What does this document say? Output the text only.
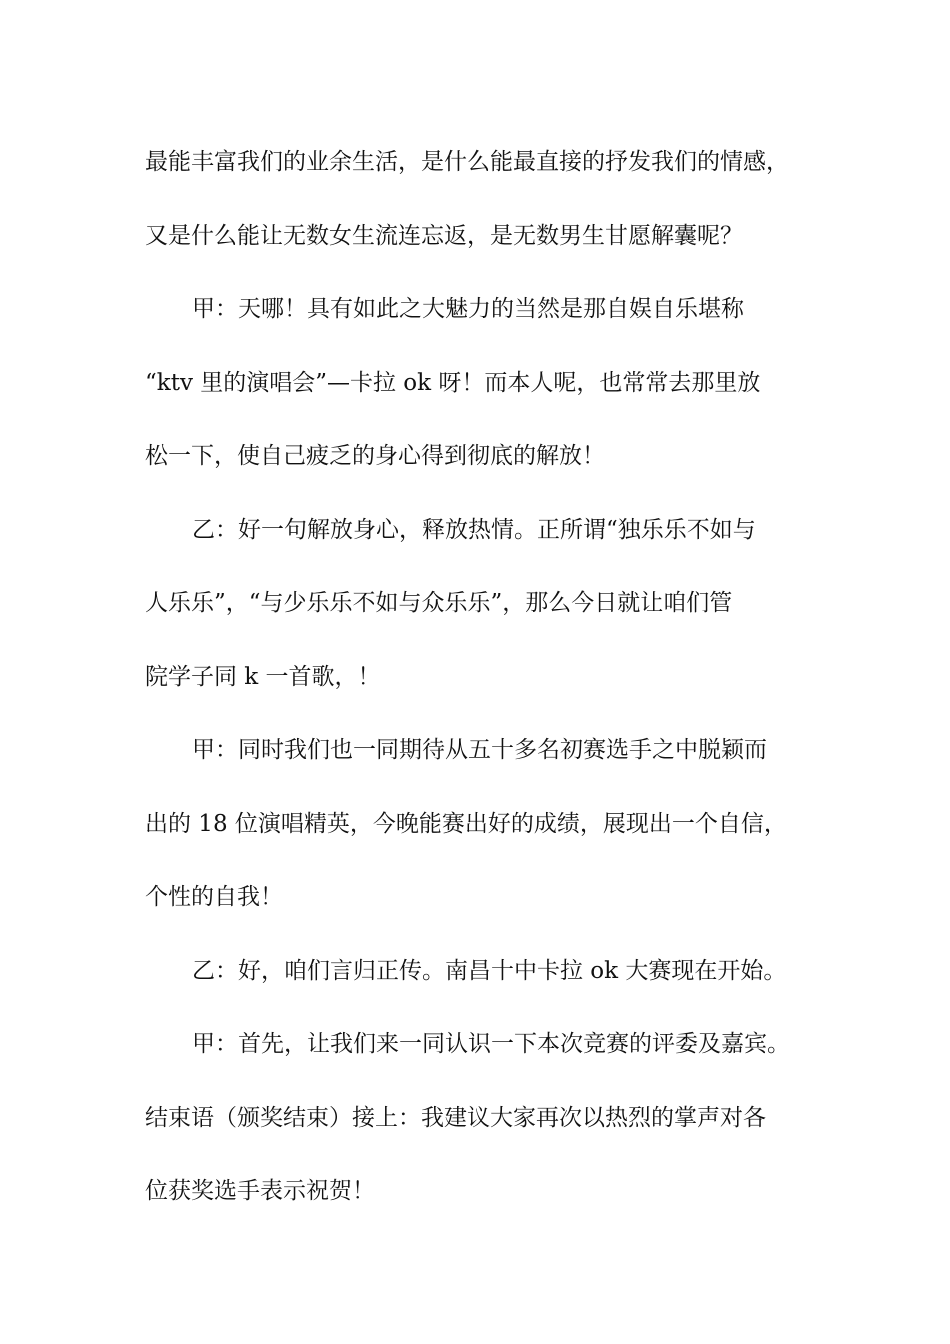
最能丰富我们的业余生活，是什么能最直接的抒发我们的情感，
又是什么能让无数女生流连忘返，是无数男生甘愿解囊呢？
甲：天哪！具有如此之大魅力的当然是那自娱自乐堪称
“ktv 里的演唱会”—卡拉 ok 呀！而本人呢，也常常去那里放
松一下，使自己疲乏的身心得到彻底的解放！
乙：好一句解放身心，释放热情。正所谓“独乐乐不如与
人乐乐”，“与少乐乐不如与众乐乐”，那么今日就让咱们管
院学子同 k 一首歌，！
甲：同时我们也一同期待从五十多名初赛选手之中脱颖而
出的 18 位演唱精英，今晚能赛出好的成绩，展现出一个自信，
个性的自我！
乙：好，咱们言归正传。南昌十中卡拉 ok 大赛现在开始。
甲：首先，让我们来一同认识一下本次竞赛的评委及嘉宾。
结束语（颁奖结束）接上：我建议大家再次以热烈的掌声对各
位获奖选手表示祝贺！
